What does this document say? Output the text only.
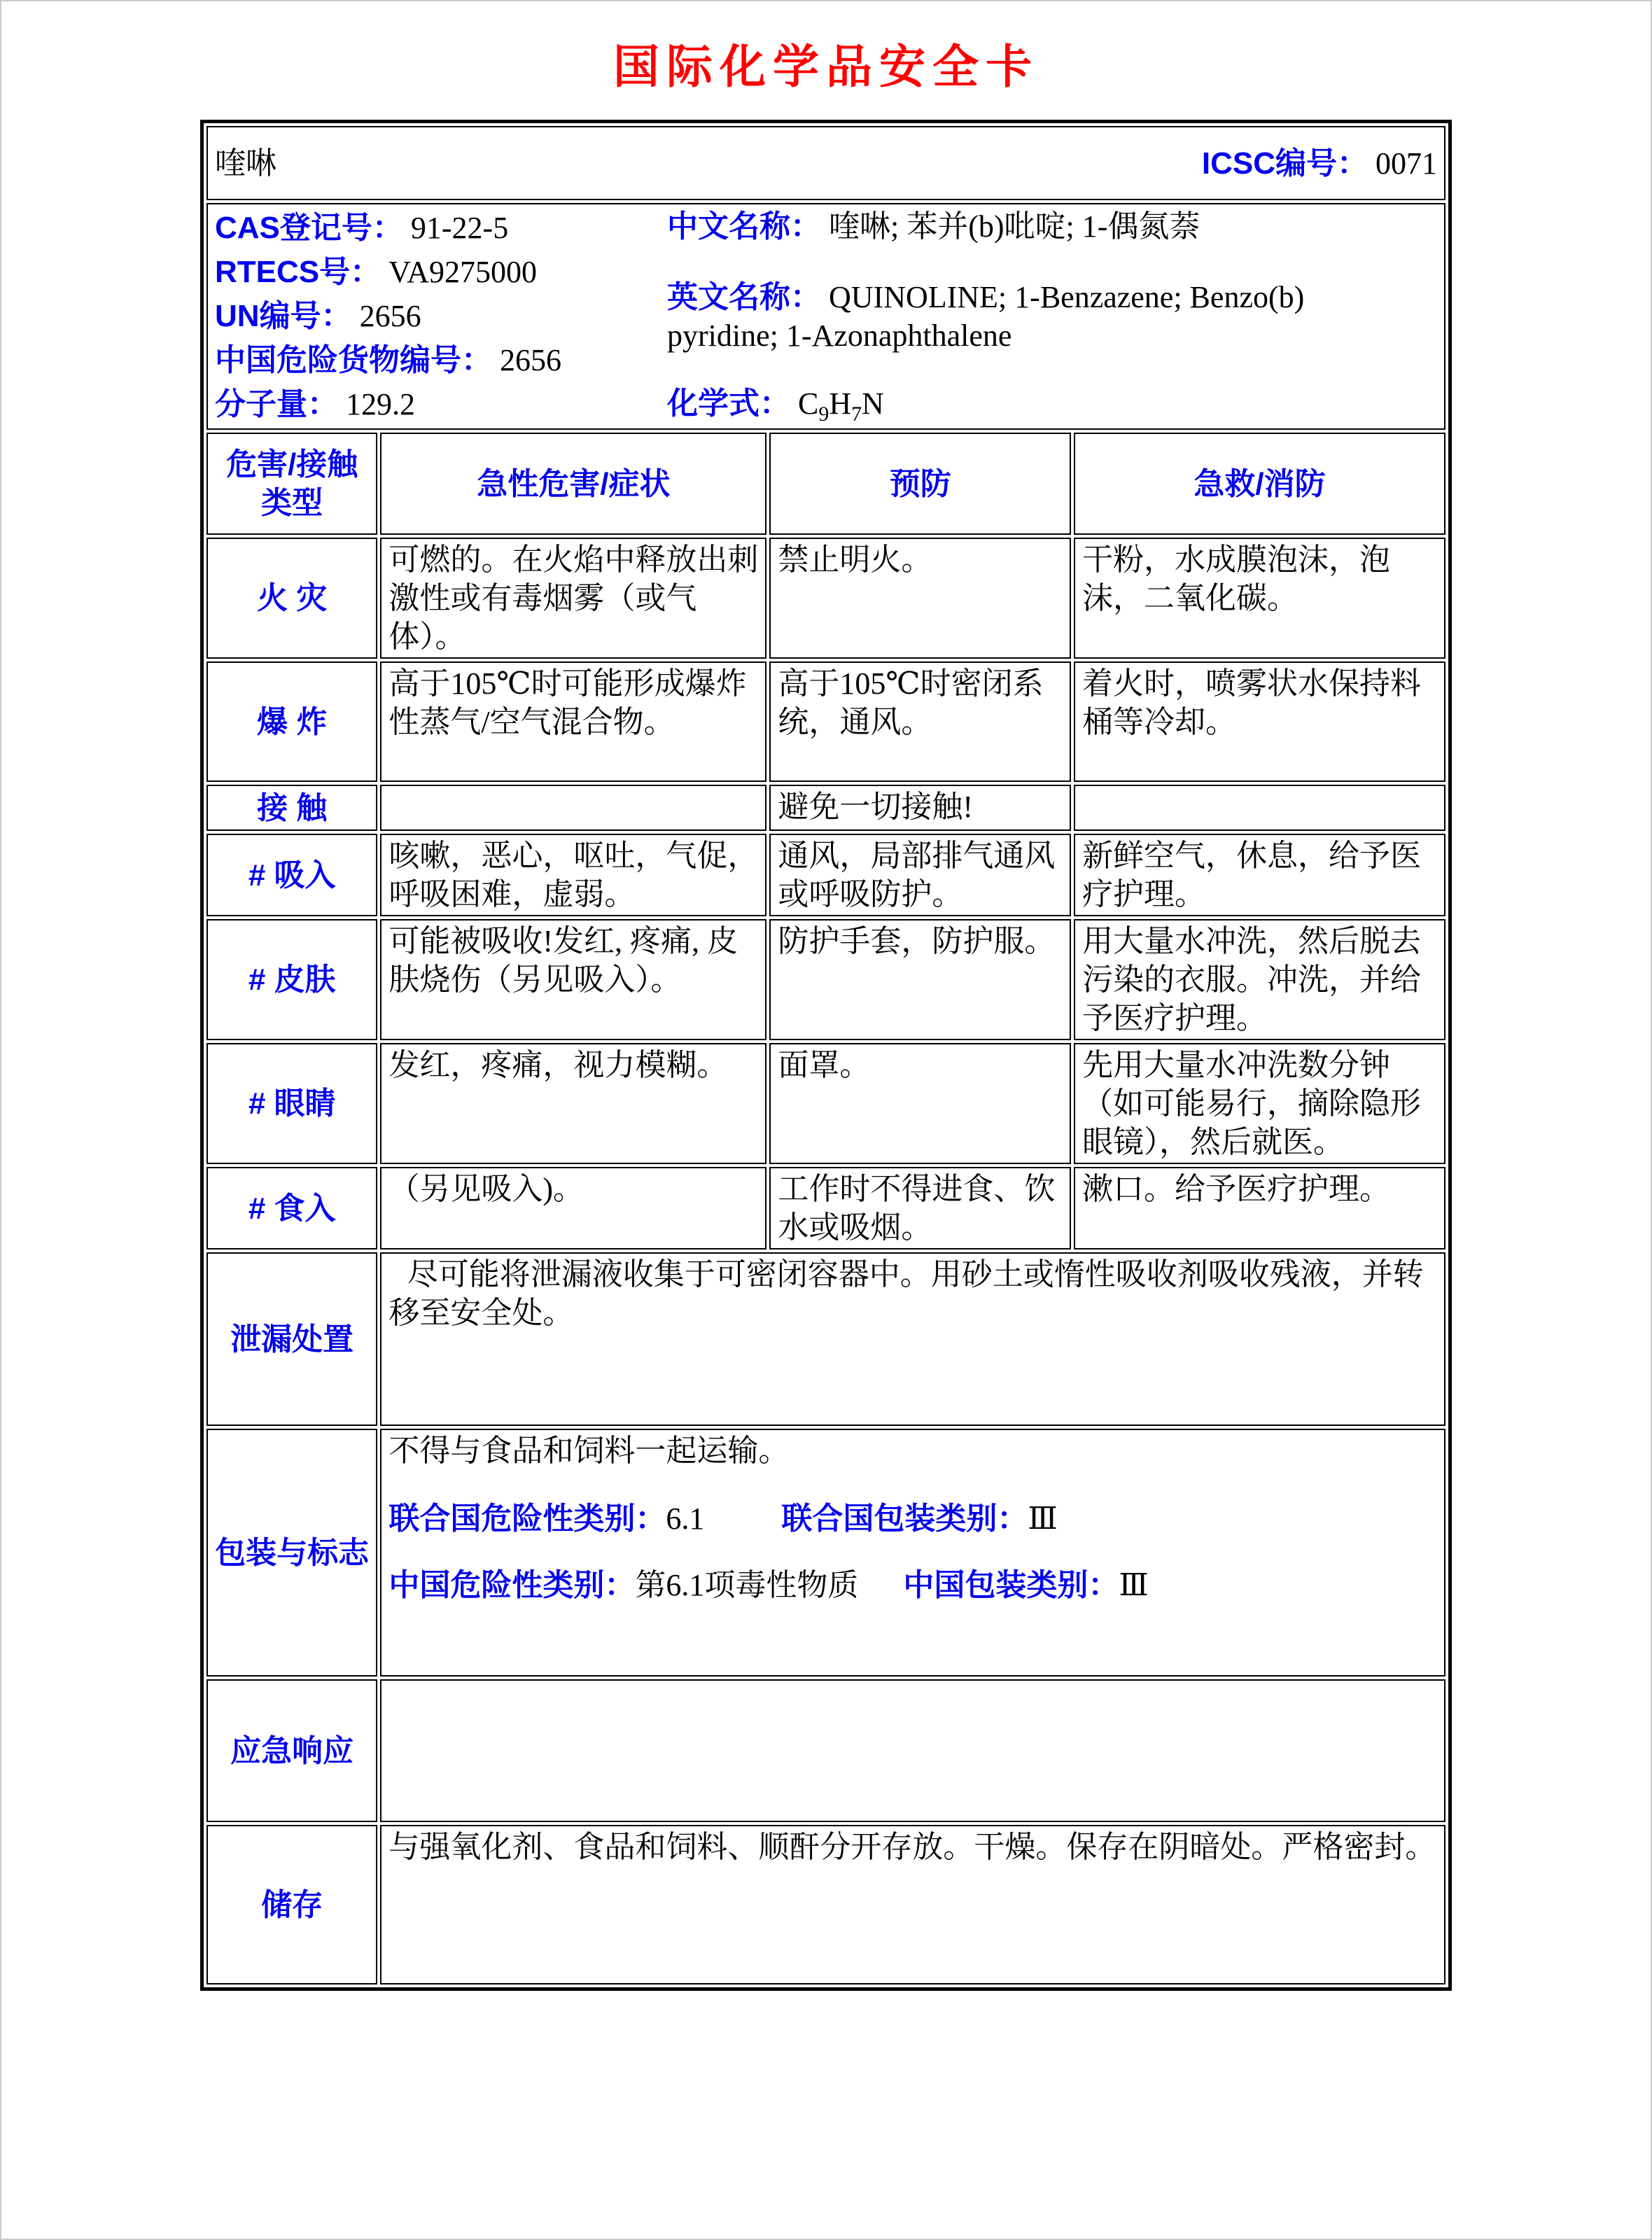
国际化学品安全卡
喹啉 ICSC编号： 0071			

CAS登记号： 91-22-5
RTECS号： VA9275000
UN编号： 2656
中国危险货物编号： 2656
分子量： 129.2
中文名称： 喹啉; 苯并(b)吡啶; 1-偶氮萘
英文名称： QUINOLINE; 1-Benzazene; Benzo(b)
pyridine; 1-Azonaphthalene
化学式： $C_9H_7N$

危害/接触类型	急性危害/症状	预防	急救/消防
火 灾	可燃的。在火焰中释放出刺激性或有毒烟雾（或气体）。	禁止明火。	干粉，水成膜泡沫，泡沫，二氧化碳。
爆 炸	高于105℃时可能形成爆炸性蒸气/空气混合物。	高于105℃时密闭系统，通风。	着火时，喷雾状水保持料桶等冷却。
接 触		避免一切接触!	
# 吸入	咳嗽，恶心，呕吐，气促，呼吸困难，虚弱。	通风，局部排气通风或呼吸防护。	新鲜空气，休息，给予医疗护理。
# 皮肤	可能被吸收!发红, 疼痛, 皮肤烧伤（另见吸入）。	防护手套，防护服。	用大量水冲洗，然后脱去污染的衣服。冲洗，并给予医疗护理。
# 眼睛	发红，疼痛，视力模糊。	面罩。	先用大量水冲洗数分钟（如可能易行，摘除隐形眼镜），然后就医。
# 食入	（另见吸入)。	工作时不得进食、饮水或吸烟。	漱口。给予医疗护理。
泄漏处置	尽可能将泄漏液收集于可密闭容器中。用砂土或惰性吸收剂吸收残液，并转移至安全处。		

包装与标志	不得与食品和饲料一起运输。
联合国危险性类别：6.1 联合国包装类别：Ⅲ
中国危险性类别：第6.1项毒性物质 中国包装类别：Ⅲ		

应急响应			
储存	与强氧化剂、食品和饲料、顺酐分开存放。干燥。保存在阴暗处。严格密封。		
